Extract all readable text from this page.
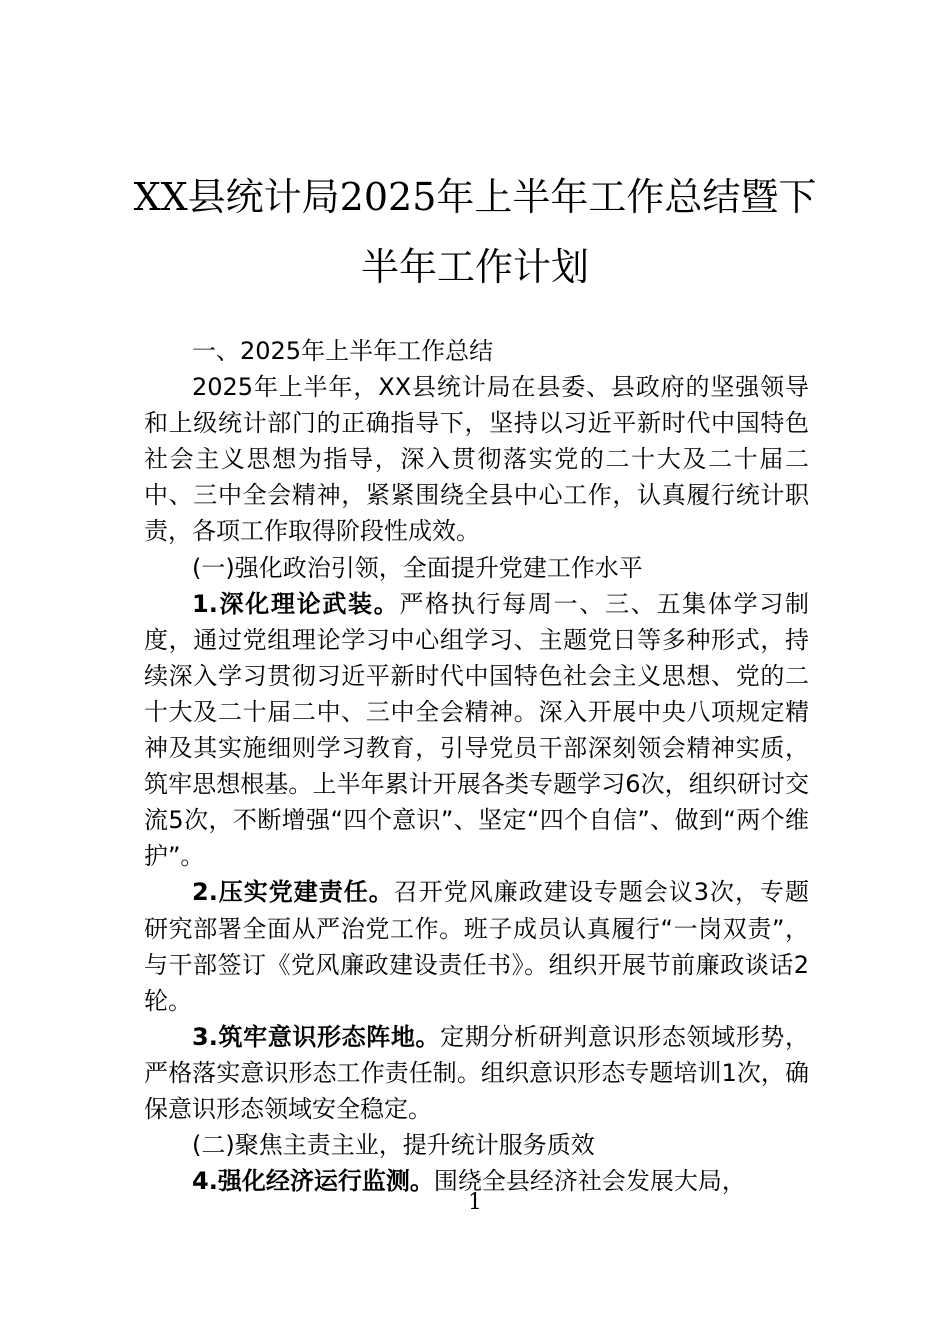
XX县统计局2025年上半年工作总结暨下
半年工作计划

一、2025年上半年工作总结

2025年上半年，XX县统计局在县委、县政府的坚强领导和上级统计部门的正确指导下，坚持以习近平新时代中国特色社会主义思想为指导，深入贯彻落实党的二十大及二十届二中、三中全会精神，紧紧围绕全县中心工作，认真履行统计职责，各项工作取得阶段性成效。

(一)强化政治引领，全面提升党建工作水平

1.深化理论武装。严格执行每周一、三、五集体学习制度，通过党组理论学习中心组学习、主题党日等多种形式，持续深入学习贯彻习近平新时代中国特色社会主义思想、党的二十大及二十届二中、三中全会精神。深入开展中央八项规定精神及其实施细则学习教育，引导党员干部深刻领会精神实质，筑牢思想根基。上半年累计开展各类专题学习6次，组织研讨交流5次，不断增强“四个意识”、坚定“四个自信”、做到“两个维护”。

2.压实党建责任。召开党风廉政建设专题会议3次，专题研究部署全面从严治党工作。班子成员认真履行“一岗双责”，与干部签订《党风廉政建设责任书》。组织开展节前廉政谈话2轮。

3.筑牢意识形态阵地。定期分析研判意识形态领域形势，严格落实意识形态工作责任制。组织意识形态专题培训1次，确保意识形态领域安全稳定。

(二)聚焦主责主业，提升统计服务质效

4.强化经济运行监测。围绕全县经济社会发展大局，

1
